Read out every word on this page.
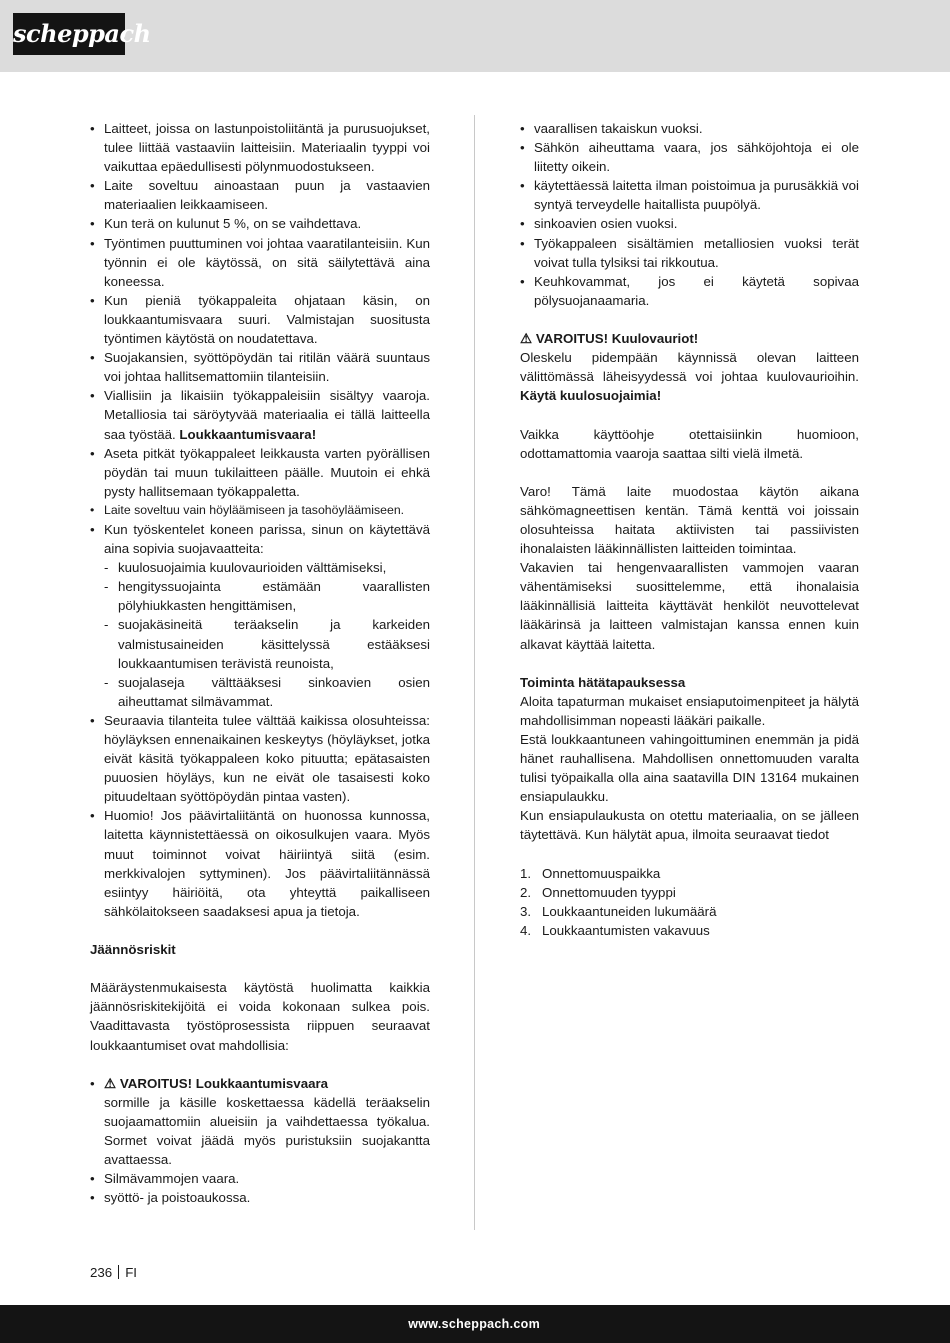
scheppach
• Laitteet, joissa on lastunpoistoliitäntä ja purusuojukset, tulee liittää vastaaviin laitteisiin. Materiaalin tyyppi voi vaikuttaa epäedullisesti pölynmuodostukseen.
• Laite soveltuu ainoastaan puun ja vastaavien materiaalien leikkaamiseen.
• Kun terä on kulunut 5 %, on se vaihdettava.
• Työntimen puuttuminen voi johtaa vaaratilanteisiin. Kun työnnin ei ole käytössä, on sitä säilytettävä aina koneessa.
• Kun pieniä työkappaleita ohjataan käsin, on loukkaantumisvaara suuri. Valmistajan suositusta työntimen käytöstä on noudatettava.
• Suojakansien, syöttöpöydän tai ritilän väärä suuntaus voi johtaa hallitsemattomiin tilanteisiin.
• Viallisiin ja likaisiin työkappaleisiin sisältyy vaaroja. Metalliosia tai säröytyvää materiaalia ei tällä laitteella saa työstää. Loukkaantumisvaara!
• Aseta pitkät työkappaleet leikkausta varten pyörällisen pöydän tai muun tukilaitteen päälle. Muutoin ei ehkä pysty hallitsemaan työkappaletta.
• Laite soveltuu vain höyläämiseen ja tasohöyläämiseen.
• Kun työskentelet koneen parissa, sinun on käytettävä aina sopivia suojavaatteita:
- kuulosuojaimia kuulovaurioiden välttämiseksi,
- hengityssuojainta estämään vaarallisten pölyhiukkasten hengittämisen,
- suojakäsineitä teräakselin ja karkeiden valmistusaineiden käsittelyssä estääksesi loukkaantumisen terävistä reunoista,
- suojalaseja välttääksesi sinkoavien osien aiheuttamat silmävammat.
• Seuraavia tilanteita tulee välttää kaikissa olosuhteissa: höyläyksen ennenaikainen keskeytys (höyläykset, jotka eivät käsitä työkappaleen koko pituutta; epätasaisten puuosien höyläys, kun ne eivät ole tasaisesti koko pituudeltaan syöttöpöydän pintaa vasten).
• Huomio! Jos päävirtaliitäntä on huonossa kunnossa, laitetta käynnistettäessä on oikosulkujen vaara. Myös muut toiminnot voivat häiriintyä siitä (esim. merkkivalojen syttyminen). Jos päävirtaliitännässä esiintyy häiriöitä, ota yhteyttä paikalliseen sähkölaitokseen saadaksesi apua ja tietoja.

Jäännösriskit

Määräystenmukaisesta käytöstä huolimatta kaikkia jäännösriskitekijöitä ei voida kokonaan sulkea pois. Vaadittavasta työstöprosessista riippuen seuraavat loukkaantumiset ovat mahdollisia:

• ⚠ VAROITUS! Loukkaantumisvaara
sormille ja käsille koskettaessa kädellä teräakselin suojaamattomiin alueisiin ja vaihdettaessa työkalua. Sormet voivat jäädä myös puristuksiin suojakantta avattaessa.
• Silmävammojen vaara.
• syöttö- ja poistoaukossa.
• vaarallisen takaiskun vuoksi.
• Sähkön aiheuttama vaara, jos sähköjohtoja ei ole liitetty oikein.
• käytettäessä laitetta ilman poistoimua ja purusäkkiä voi syntyä terveydelle haitallista puupölyä.
• sinkoavien osien vuoksi.
• Työkappaleen sisältämien metalliosien vuoksi terät voivat tulla tylsiksi tai rikkoutua.
• Keuhkovammat, jos ei käytetä sopivaa pölysuojanaamaria.

⚠ VAROITUS! Kuulovauriot!

Oleskelu pidempään käynnissä olevan laitteen välittömässä läheisyydessä voi johtaa kuulovaurioihin. Käytä kuulosuojaimia!

Vaikka käyttöohje otettaisiinkin huomioon, odottamattomia vaaroja saattaa silti vielä ilmetä.

Varo! Tämä laite muodostaa käytön aikana sähkömagneettisen kentän. Tämä kenttä voi joissain olosuhteissa haitata aktiivisten tai passiivisten ihonalaisten lääkinnällisten laitteiden toimintaa.

Vakavien tai hengenvaarallisten vammojen vaaran vähentämiseksi suosittelemme, että ihonalaisia lääkinnällisiä laitteita käyttävät henkilöt neuvottelevat lääkärinsä ja laitteen valmistajan kanssa ennen kuin alkavat käyttää laitetta.

Toiminta hätätapauksessa

Aloita tapaturman mukaiset ensiaputoimenpiteet ja hälytä mahdollisimman nopeasti lääkäri paikalle.

Estä loukkaantuneen vahingoittuminen enemmän ja pidä hänet rauhallisena. Mahdollisen onnettomuuden varalta tulisi työpaikalla olla aina saatavilla DIN 13164 mukainen ensiapulaukku.

Kun ensiapulaukusta on otettu materiaalia, on se jälleen täytettävä. Kun hälytät apua, ilmoita seuraavat tiedot

1. Onnettomuuspaikka
2. Onnettomuuden tyyppi
3. Loukkaantuneiden lukumäärä
4. Loukkaantumisten vakavuus
236 FI
www.scheppach.com
